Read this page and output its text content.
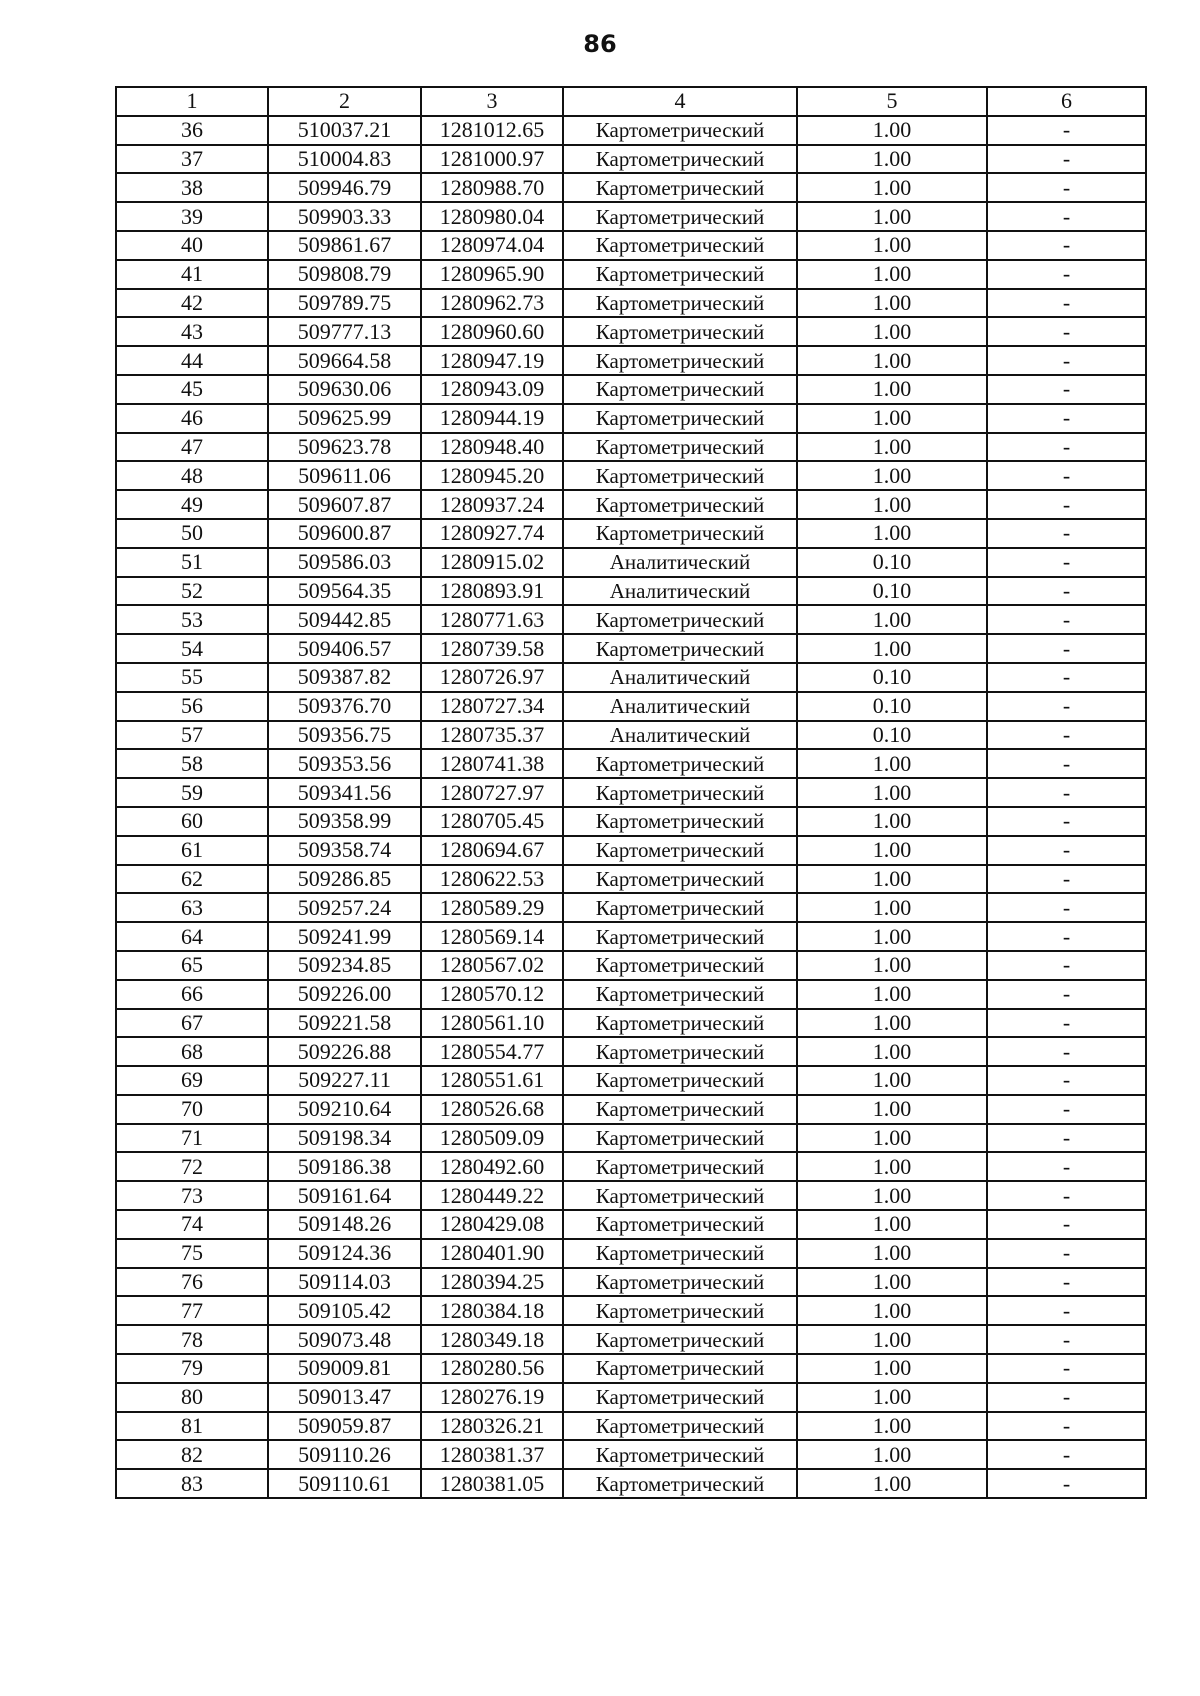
86
1	2	3	4	5	6
36	510037.21	1281012.65	Картометрический	1.00	-
37	510004.83	1281000.97	Картометрический	1.00	-
38	509946.79	1280988.70	Картометрический	1.00	-
39	509903.33	1280980.04	Картометрический	1.00	-
40	509861.67	1280974.04	Картометрический	1.00	-
41	509808.79	1280965.90	Картометрический	1.00	-
42	509789.75	1280962.73	Картометрический	1.00	-
43	509777.13	1280960.60	Картометрический	1.00	-
44	509664.58	1280947.19	Картометрический	1.00	-
45	509630.06	1280943.09	Картометрический	1.00	-
46	509625.99	1280944.19	Картометрический	1.00	-
47	509623.78	1280948.40	Картометрический	1.00	-
48	509611.06	1280945.20	Картометрический	1.00	-
49	509607.87	1280937.24	Картометрический	1.00	-
50	509600.87	1280927.74	Картометрический	1.00	-
51	509586.03	1280915.02	Аналитический	0.10	-
52	509564.35	1280893.91	Аналитический	0.10	-
53	509442.85	1280771.63	Картометрический	1.00	-
54	509406.57	1280739.58	Картометрический	1.00	-
55	509387.82	1280726.97	Аналитический	0.10	-
56	509376.70	1280727.34	Аналитический	0.10	-
57	509356.75	1280735.37	Аналитический	0.10	-
58	509353.56	1280741.38	Картометрический	1.00	-
59	509341.56	1280727.97	Картометрический	1.00	-
60	509358.99	1280705.45	Картометрический	1.00	-
61	509358.74	1280694.67	Картометрический	1.00	-
62	509286.85	1280622.53	Картометрический	1.00	-
63	509257.24	1280589.29	Картометрический	1.00	-
64	509241.99	1280569.14	Картометрический	1.00	-
65	509234.85	1280567.02	Картометрический	1.00	-
66	509226.00	1280570.12	Картометрический	1.00	-
67	509221.58	1280561.10	Картометрический	1.00	-
68	509226.88	1280554.77	Картометрический	1.00	-
69	509227.11	1280551.61	Картометрический	1.00	-
70	509210.64	1280526.68	Картометрический	1.00	-
71	509198.34	1280509.09	Картометрический	1.00	-
72	509186.38	1280492.60	Картометрический	1.00	-
73	509161.64	1280449.22	Картометрический	1.00	-
74	509148.26	1280429.08	Картометрический	1.00	-
75	509124.36	1280401.90	Картометрический	1.00	-
76	509114.03	1280394.25	Картометрический	1.00	-
77	509105.42	1280384.18	Картометрический	1.00	-
78	509073.48	1280349.18	Картометрический	1.00	-
79	509009.81	1280280.56	Картометрический	1.00	-
80	509013.47	1280276.19	Картометрический	1.00	-
81	509059.87	1280326.21	Картометрический	1.00	-
82	509110.26	1280381.37	Картометрический	1.00	-
83	509110.61	1280381.05	Картометрический	1.00	-
